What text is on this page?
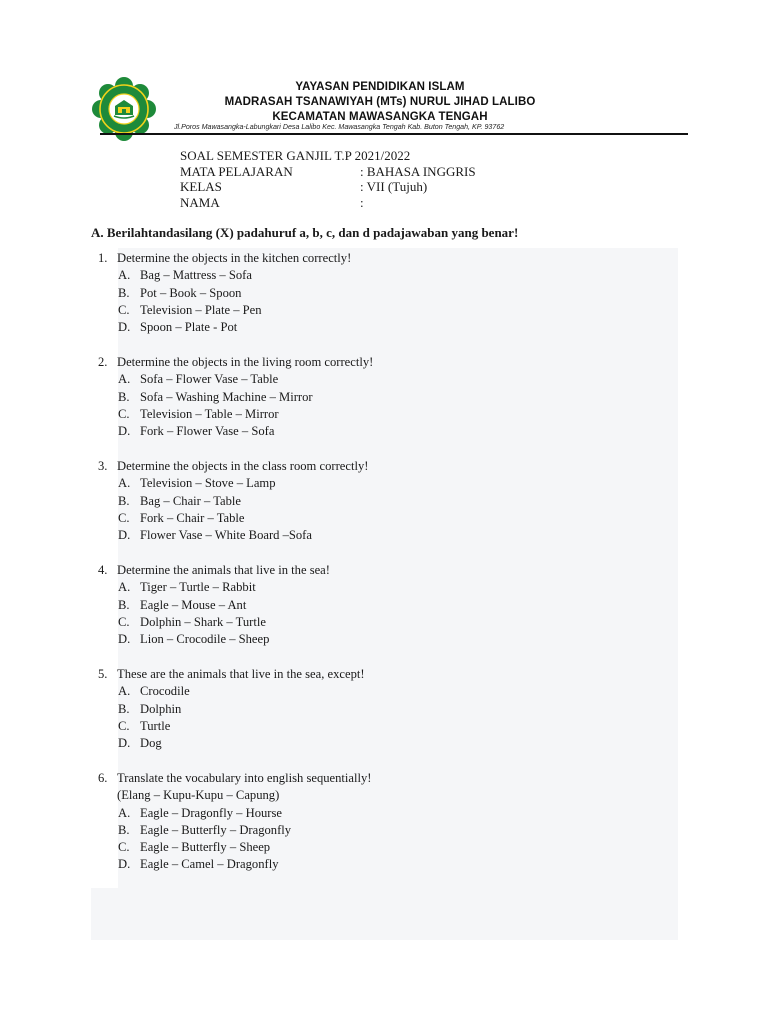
YAYASAN PENDIDIKAN ISLAM
MADRASAH TSANAWIYAH (MTs) NURUL JIHAD LALIBO
KECAMATAN MAWASANGKA TENGAH
Jl.Poros Mawasangka-Labungkari Desa Lalibo Kec. Mawasangka Tengah Kab. Buton Tengah, KP. 93762
SOAL SEMESTER GANJIL T.P 2021/2022
MATA PELAJARAN	: BAHASA INGGRIS
KELAS	: VII (Tujuh)
NAMA	:
A. Berilahtandasilang (X) padahuruf a, b, c, dan d padajawaban yang benar!
1. Determine the objects in the kitchen correctly!
A. Bag – Mattress – Sofa
B. Pot – Book – Spoon
C. Television – Plate – Pen
D. Spoon – Plate - Pot
2. Determine the objects in the living room correctly!
A. Sofa – Flower Vase – Table
B. Sofa – Washing Machine – Mirror
C. Television – Table – Mirror
D. Fork – Flower Vase – Sofa
3. Determine the objects in the class room correctly!
A. Television – Stove – Lamp
B. Bag – Chair – Table
C. Fork – Chair – Table
D. Flower Vase – White Board –Sofa
4. Determine the animals that live in the sea!
A. Tiger – Turtle – Rabbit
B. Eagle – Mouse – Ant
C. Dolphin – Shark – Turtle
D. Lion – Crocodile – Sheep
5. These are the animals that live in the sea, except!
A. Crocodile
B. Dolphin
C. Turtle
D. Dog
6. Translate the vocabulary into english sequentially!
(Elang – Kupu-Kupu – Capung)
A. Eagle – Dragonfly – Hourse
B. Eagle – Butterfly – Dragonfly
C. Eagle – Butterfly – Sheep
D. Eagle – Camel – Dragonfly
